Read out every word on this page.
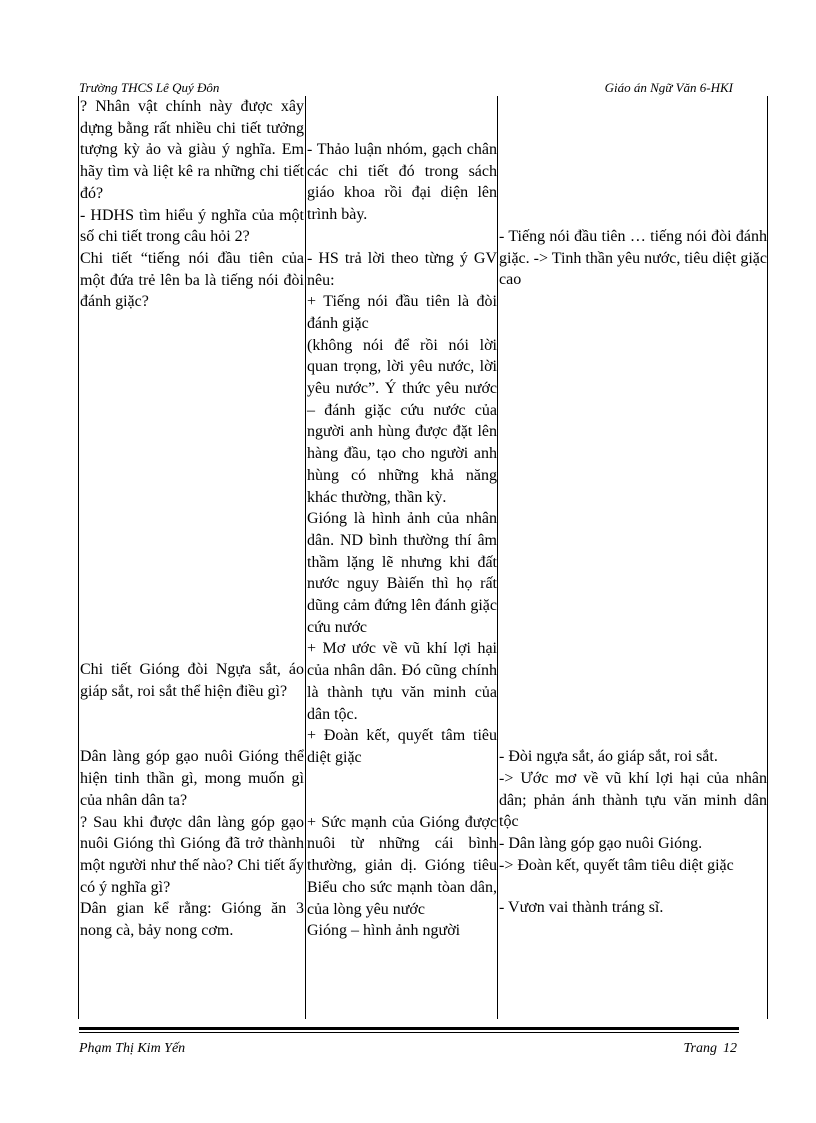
Trường THCS Lê Quý Đôn	Giáo án Ngữ Văn 6-HKI

? Nhân vật chính này được xây dựng bằng rất nhiều chi tiết tưởng tượng kỳ ảo và giàu ý nghĩa. Em hãy tìm và liệt kê ra những chi tiết đó?

- HDHS tìm hiểu ý nghĩa của một số chi tiết trong câu hỏi 2?

Chi tiết “tiếng nói đầu tiên của một đứa trẻ lên ba là tiếng nói đòi đánh giặc?

Chi tiết Gióng đòi Ngựa sắt, áo giáp sắt, roi sắt thể hiện điều gì?

Dân làng góp gạo nuôi Gióng thể hiện tinh thần gì, mong muốn gì của nhân dân ta?

? Sau khi được dân làng góp gạo nuôi Gióng thì Gióng đã trở thành một người như thế nào? Chi tiết ấy có ý nghĩa gì?

Dân gian kể rằng: Gióng ăn 3 nong cà, bảy nong cơm.

- Thảo luận nhóm, gạch chân các chi tiết đó trong sách giáo khoa rồi đại diện lên trình bày.

- HS trả lời theo từng ý GV nêu:

+ Tiếng nói đầu tiên là đòi đánh giặc

(không nói để rồi nói lời quan trọng, lời yêu nước, lời yêu nước”. Ý thức yêu nước – đánh giặc cứu nước của người anh hùng được đặt lên hàng đầu, tạo cho người anh hùng có những khả năng khác thường, thần kỳ.

Gióng là hình ảnh của nhân dân. ND bình thường thí âm thầm lặng lẽ nhưng khi đất nước nguy Bàiến thì họ rất dũng cảm đứng lên đánh giặc cứu nước

+ Mơ ước về vũ khí lợi hại của nhân dân. Đó cũng chính là thành tựu văn minh của dân tộc.

+ Đoàn kết, quyết tâm tiêu diệt giặc

+ Sức mạnh của Gióng được nuôi từ những cái bình thường, giản dị. Gióng tiêu Biểu cho sức mạnh tòan dân, của lòng yêu nước

Gióng – hình ảnh người

- Tiếng nói đầu tiên … tiếng nói đòi đánh giặc. -> Tinh thần yêu nước, tiêu diệt giặc cao

- Đòi ngựa sắt, áo giáp sắt, roi sắt.

-> Ước mơ về vũ khí lợi hại của nhân dân; phản ánh thành tựu văn minh dân tộc

- Dân làng góp gạo nuôi Gióng.

-> Đoàn kết, quyết tâm tiêu diệt giặc

- Vươn vai thành tráng sĩ.

Phạm Thị Kim Yến	Trang 12
